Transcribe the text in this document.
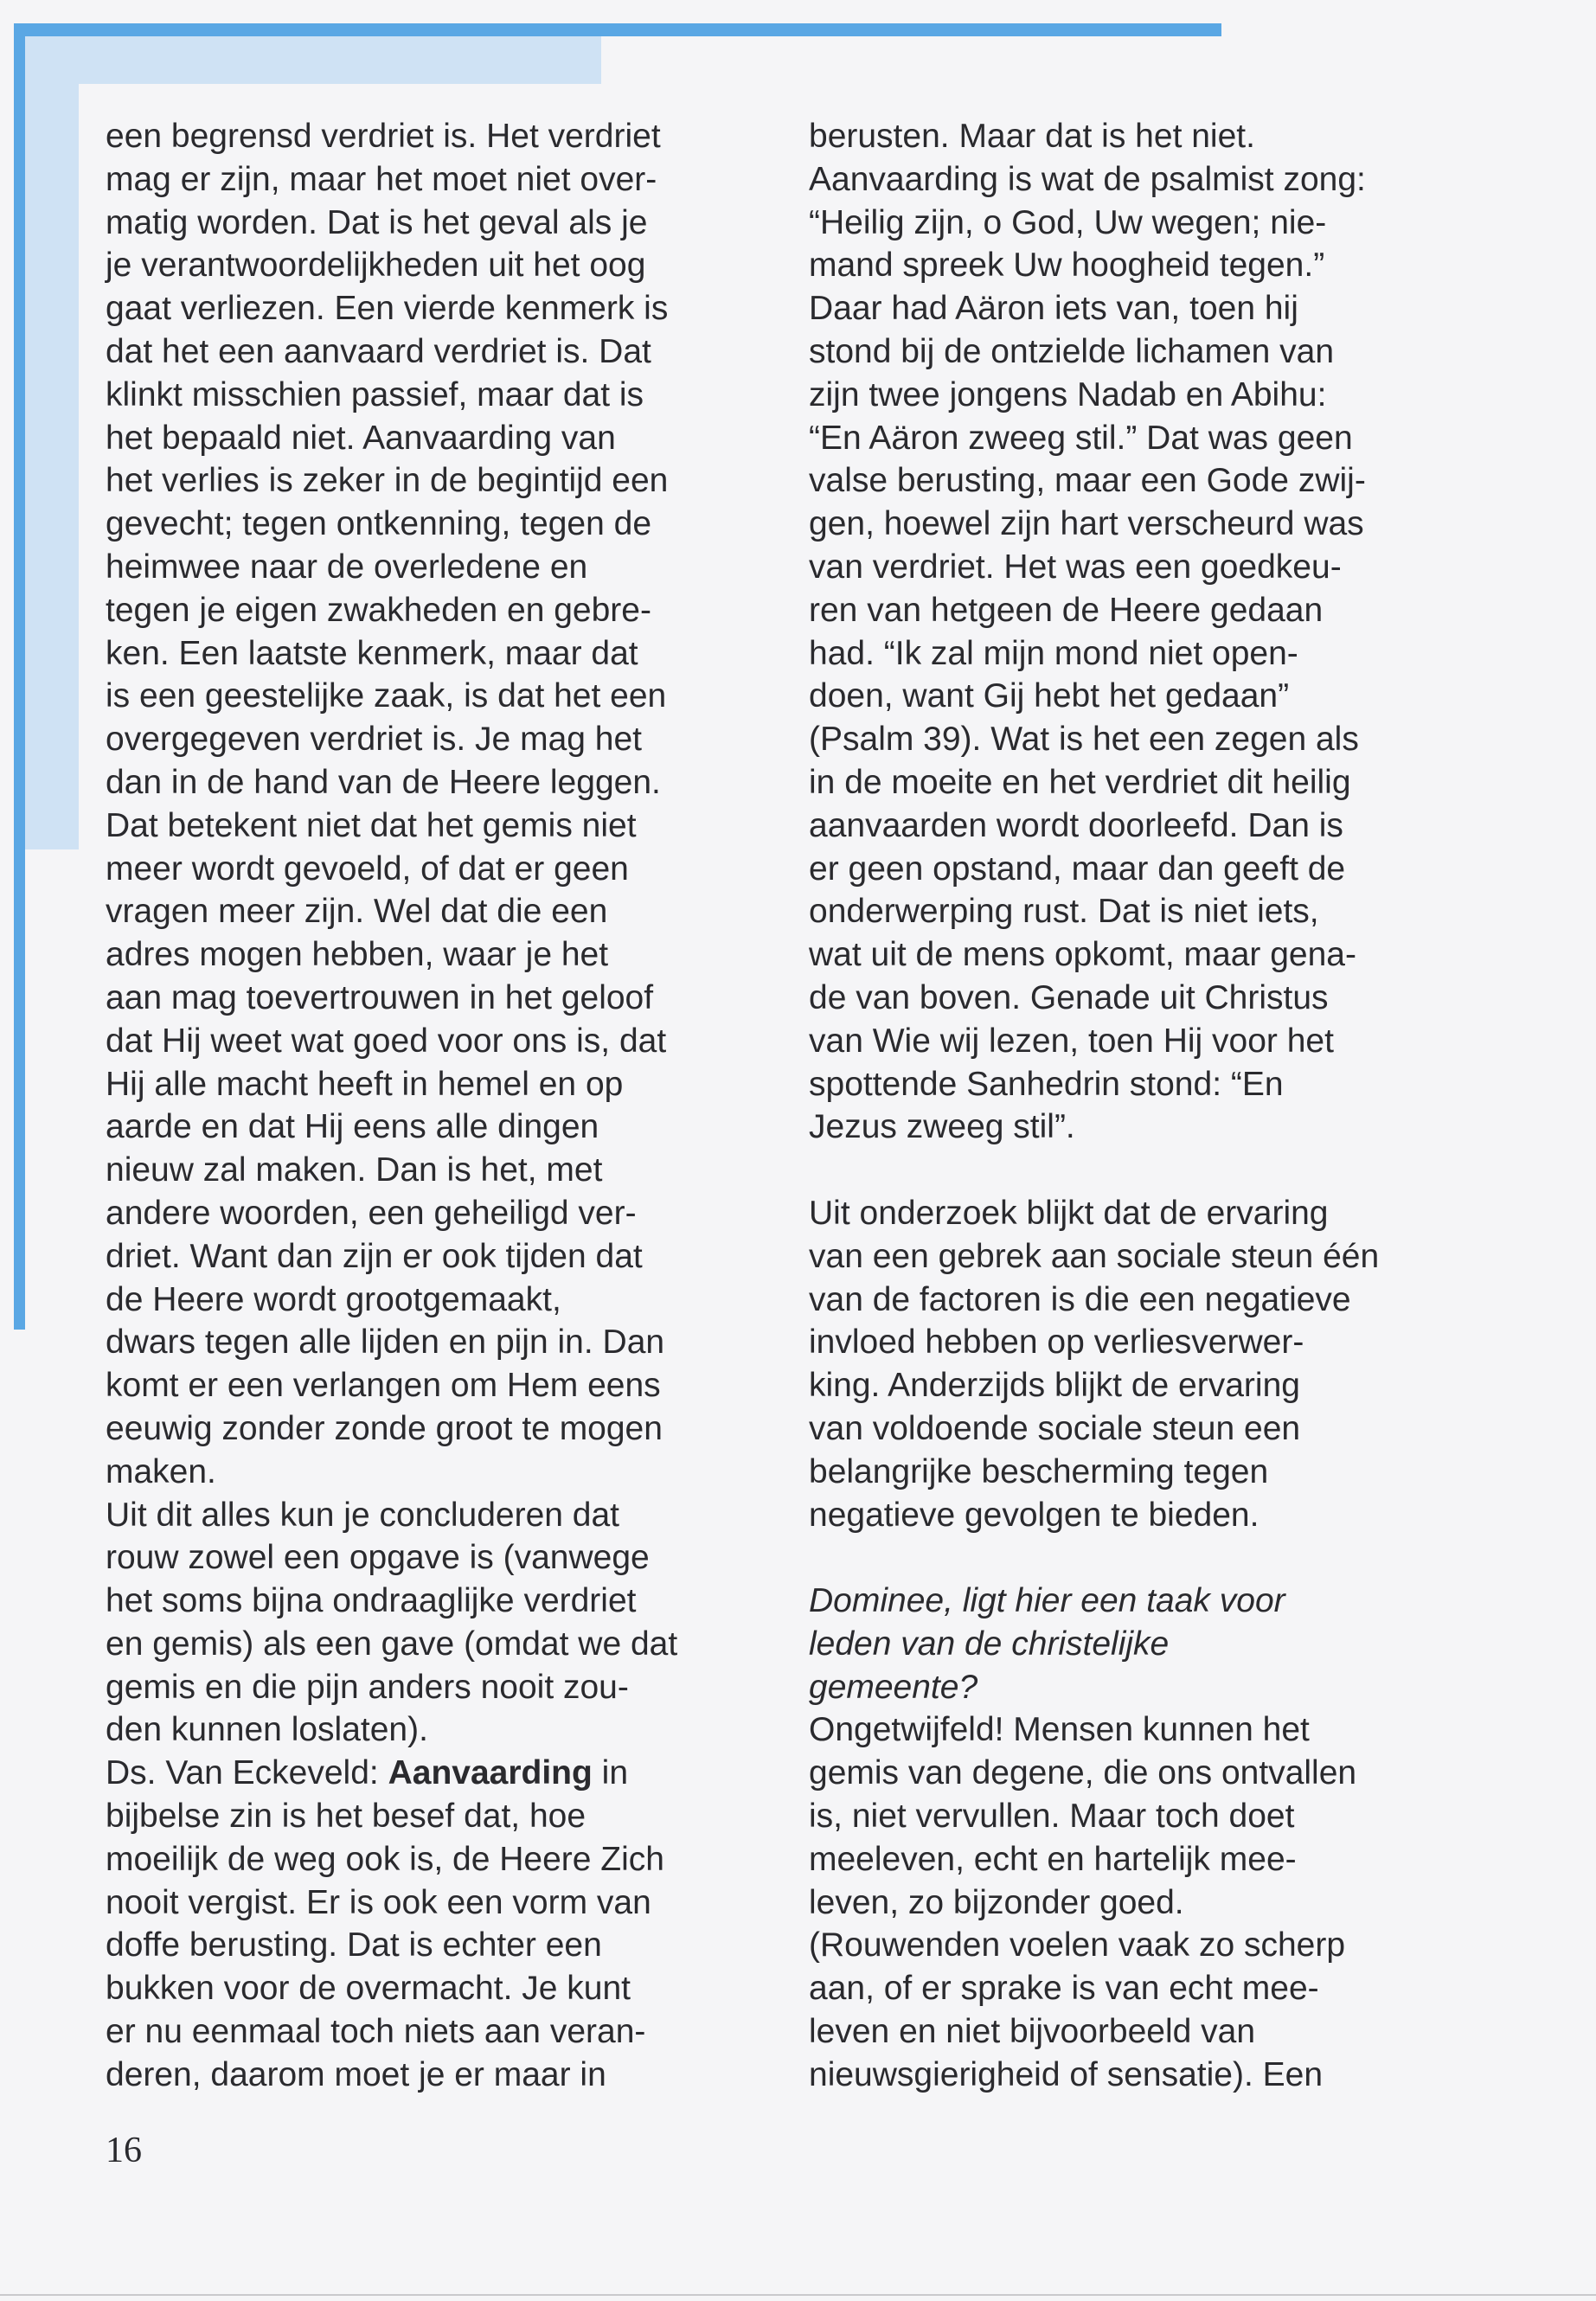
een begrensd verdriet is. Het verdriet
mag er zijn, maar het moet niet over-
matig worden. Dat is het geval als je
je verantwoordelijkheden uit het oog
gaat verliezen. Een vierde kenmerk is
dat het een aanvaard verdriet is. Dat
klinkt misschien passief, maar dat is
het bepaald niet. Aanvaarding van
het verlies is zeker in de begintijd een
gevecht; tegen ontkenning, tegen de
heimwee naar de overledene en
tegen je eigen zwakheden en gebre-
ken. Een laatste kenmerk, maar dat
is een geestelijke zaak, is dat het een
overgegeven verdriet is. Je mag het
dan in de hand van de Heere leggen.
Dat betekent niet dat het gemis niet
meer wordt gevoeld, of dat er geen
vragen meer zijn. Wel dat die een
adres mogen hebben, waar je het
aan mag toevertrouwen in het geloof
dat Hij weet wat goed voor ons is, dat
Hij alle macht heeft in hemel en op
aarde en dat Hij eens alle dingen
nieuw zal maken. Dan is het, met
andere woorden, een geheiligd ver-
driet. Want dan zijn er ook tijden dat
de Heere wordt grootgemaakt,
dwars tegen alle lijden en pijn in. Dan
komt er een verlangen om Hem eens
eeuwig zonder zonde groot te mogen
maken.
Uit dit alles kun je concluderen dat
rouw zowel een opgave is (vanwege
het soms bijna ondraaglijke verdriet
en gemis) als een gave (omdat we dat
gemis en die pijn anders nooit zou-
den kunnen loslaten).
Ds. Van Eckeveld: Aanvaarding in
bijbelse zin is het besef dat, hoe
moeilijk de weg ook is, de Heere Zich
nooit vergist. Er is ook een vorm van
doffe berusting. Dat is echter een
bukken voor de overmacht. Je kunt
er nu eenmaal toch niets aan veran-
deren, daarom moet je er maar in
berusten. Maar dat is het niet.
Aanvaarding is wat de psalmist zong:
“Heilig zijn, o God, Uw wegen; nie-
mand spreek Uw hoogheid tegen.”
Daar had Aäron iets van, toen hij
stond bij de ontzielde lichamen van
zijn twee jongens Nadab en Abihu:
“En Aäron zweeg stil.” Dat was geen
valse berusting, maar een Gode zwij-
gen, hoewel zijn hart verscheurd was
van verdriet. Het was een goedkeu-
ren van hetgeen de Heere gedaan
had. “Ik zal mijn mond niet open-
doen, want Gij hebt het gedaan”
(Psalm 39). Wat is het een zegen als
in de moeite en het verdriet dit heilig
aanvaarden wordt doorleefd. Dan is
er geen opstand, maar dan geeft de
onderwerping rust. Dat is niet iets,
wat uit de mens opkomt, maar gena-
de van boven. Genade uit Christus
van Wie wij lezen, toen Hij voor het
spottende Sanhedrin stond: “En
Jezus zweeg stil”.
Uit onderzoek blijkt dat de ervaring
van een gebrek aan sociale steun één
van de factoren is die een negatieve
invloed hebben op verliesverwer-
king. Anderzijds blijkt de ervaring
van voldoende sociale steun een
belangrijke bescherming tegen
negatieve gevolgen te bieden.
Dominee, ligt hier een taak voor
leden van de christelijke
gemeente?
Ongetwijfeld! Mensen kunnen het
gemis van degene, die ons ontvallen
is, niet vervullen. Maar toch doet
meeleven, echt en hartelijk mee-
leven, zo bijzonder goed.
(Rouwenden voelen vaak zo scherp
aan, of er sprake is van echt mee-
leven en niet bijvoorbeeld van
nieuwsgierigheid of sensatie). Een
16
